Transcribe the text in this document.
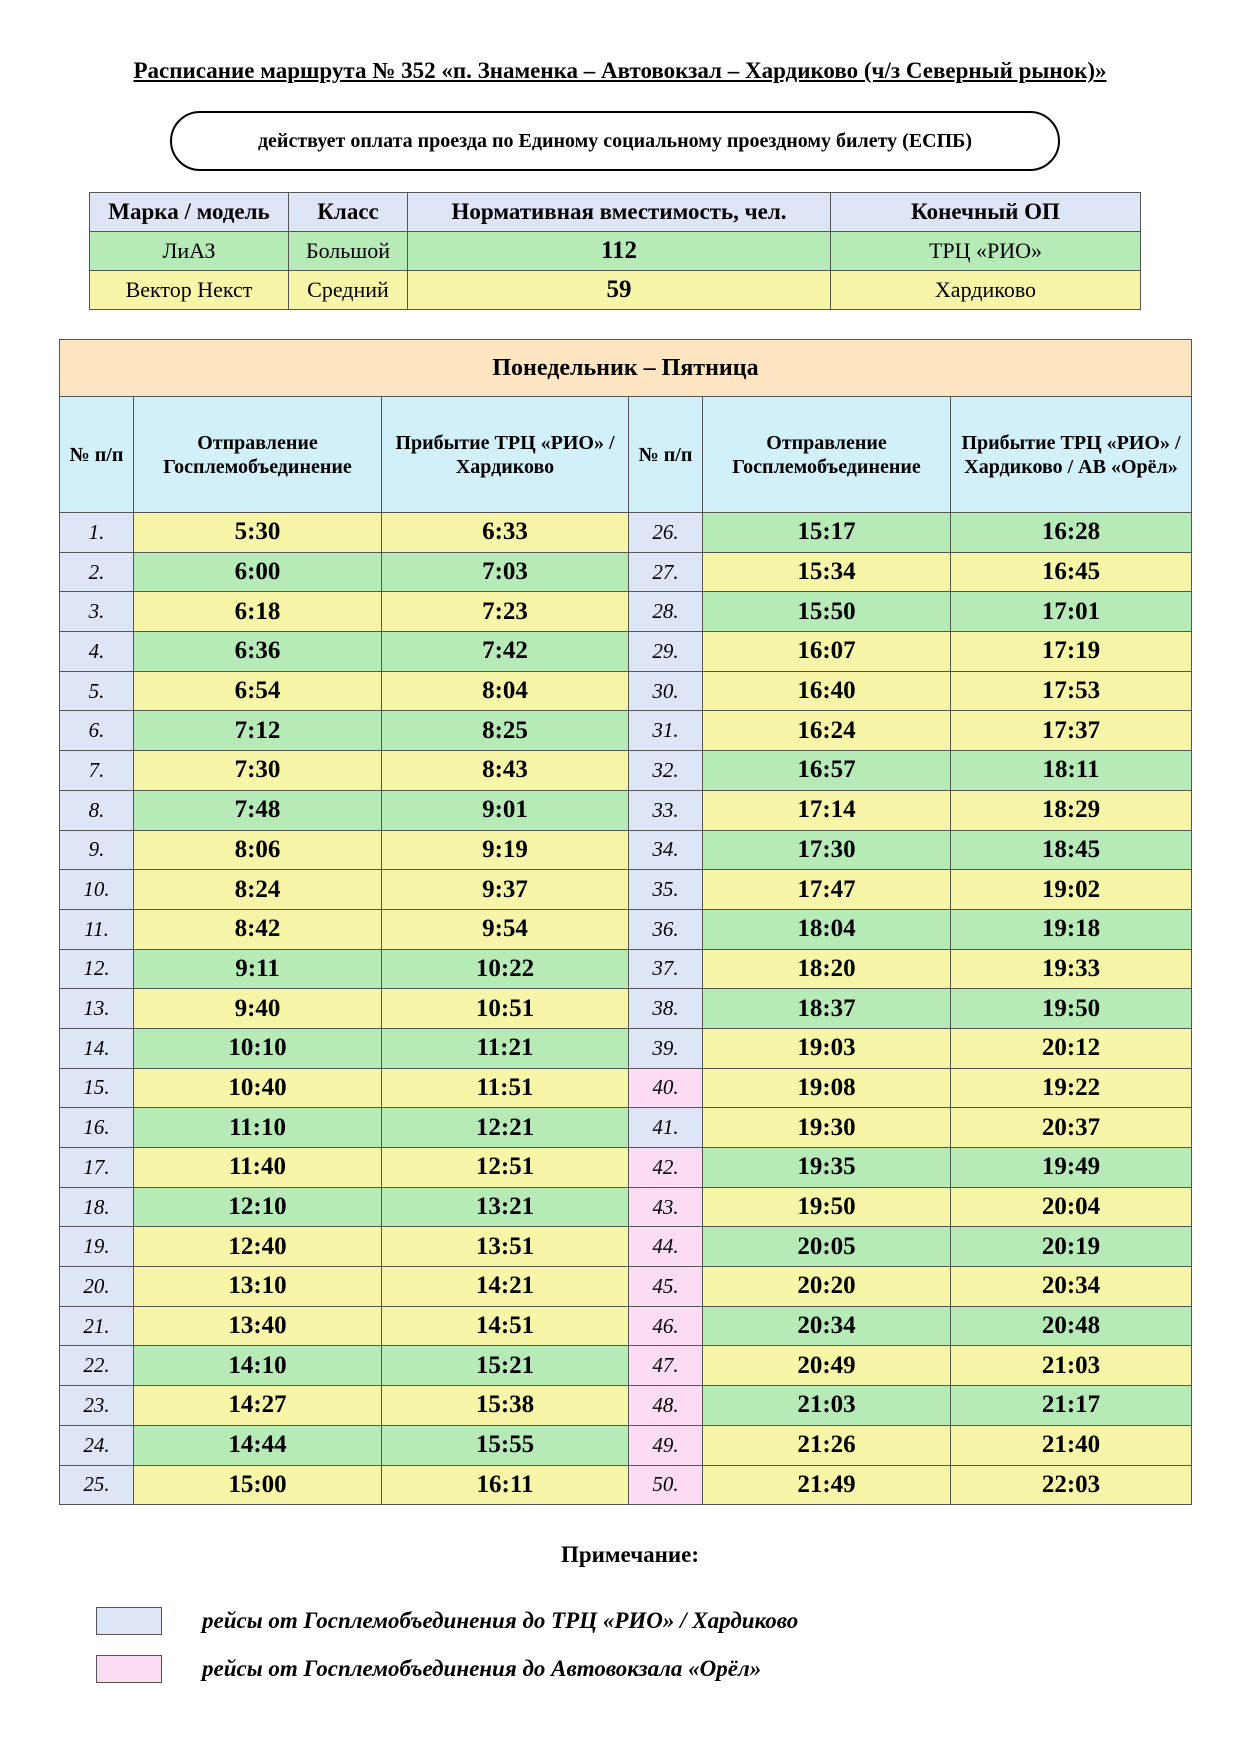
Расписание маршрута № 352 «п. Знаменка – Автовокзал – Хардиково (ч/з Северный рынок)»
действует оплата проезда по Единому социальному проездному билету (ЕСПБ)
Марка / модель	Класс	Нормативная вместимость, чел.	Конечный ОП
ЛиАЗ	Большой	112	ТРЦ «РИО»
Вектор Некст	Средний	59	Хардиково
Понедельник – Пятница					
№ п/п	Отправление Госплемобъединение	Прибытие ТРЦ «РИО» / Хардиково	№ п/п	Отправление Госплемобъединение	Прибытие ТРЦ «РИО» / Хардиково / АВ «Орёл»
1.	5:30	6:33	26.	15:17	16:28
2.	6:00	7:03	27.	15:34	16:45
3.	6:18	7:23	28.	15:50	17:01
4.	6:36	7:42	29.	16:07	17:19
5.	6:54	8:04	30.	16:40	17:53
6.	7:12	8:25	31.	16:24	17:37
7.	7:30	8:43	32.	16:57	18:11
8.	7:48	9:01	33.	17:14	18:29
9.	8:06	9:19	34.	17:30	18:45
10.	8:24	9:37	35.	17:47	19:02
11.	8:42	9:54	36.	18:04	19:18
12.	9:11	10:22	37.	18:20	19:33
13.	9:40	10:51	38.	18:37	19:50
14.	10:10	11:21	39.	19:03	20:12
15.	10:40	11:51	40.	19:08	19:22
16.	11:10	12:21	41.	19:30	20:37
17.	11:40	12:51	42.	19:35	19:49
18.	12:10	13:21	43.	19:50	20:04
19.	12:40	13:51	44.	20:05	20:19
20.	13:10	14:21	45.	20:20	20:34
21.	13:40	14:51	46.	20:34	20:48
22.	14:10	15:21	47.	20:49	21:03
23.	14:27	15:38	48.	21:03	21:17
24.	14:44	15:55	49.	21:26	21:40
25.	15:00	16:11	50.	21:49	22:03
Примечание:
рейсы от Госплемобъединения до ТРЦ «РИО» / Хардиково
рейсы от Госплемобъединения до Автовокзала «Орёл»
